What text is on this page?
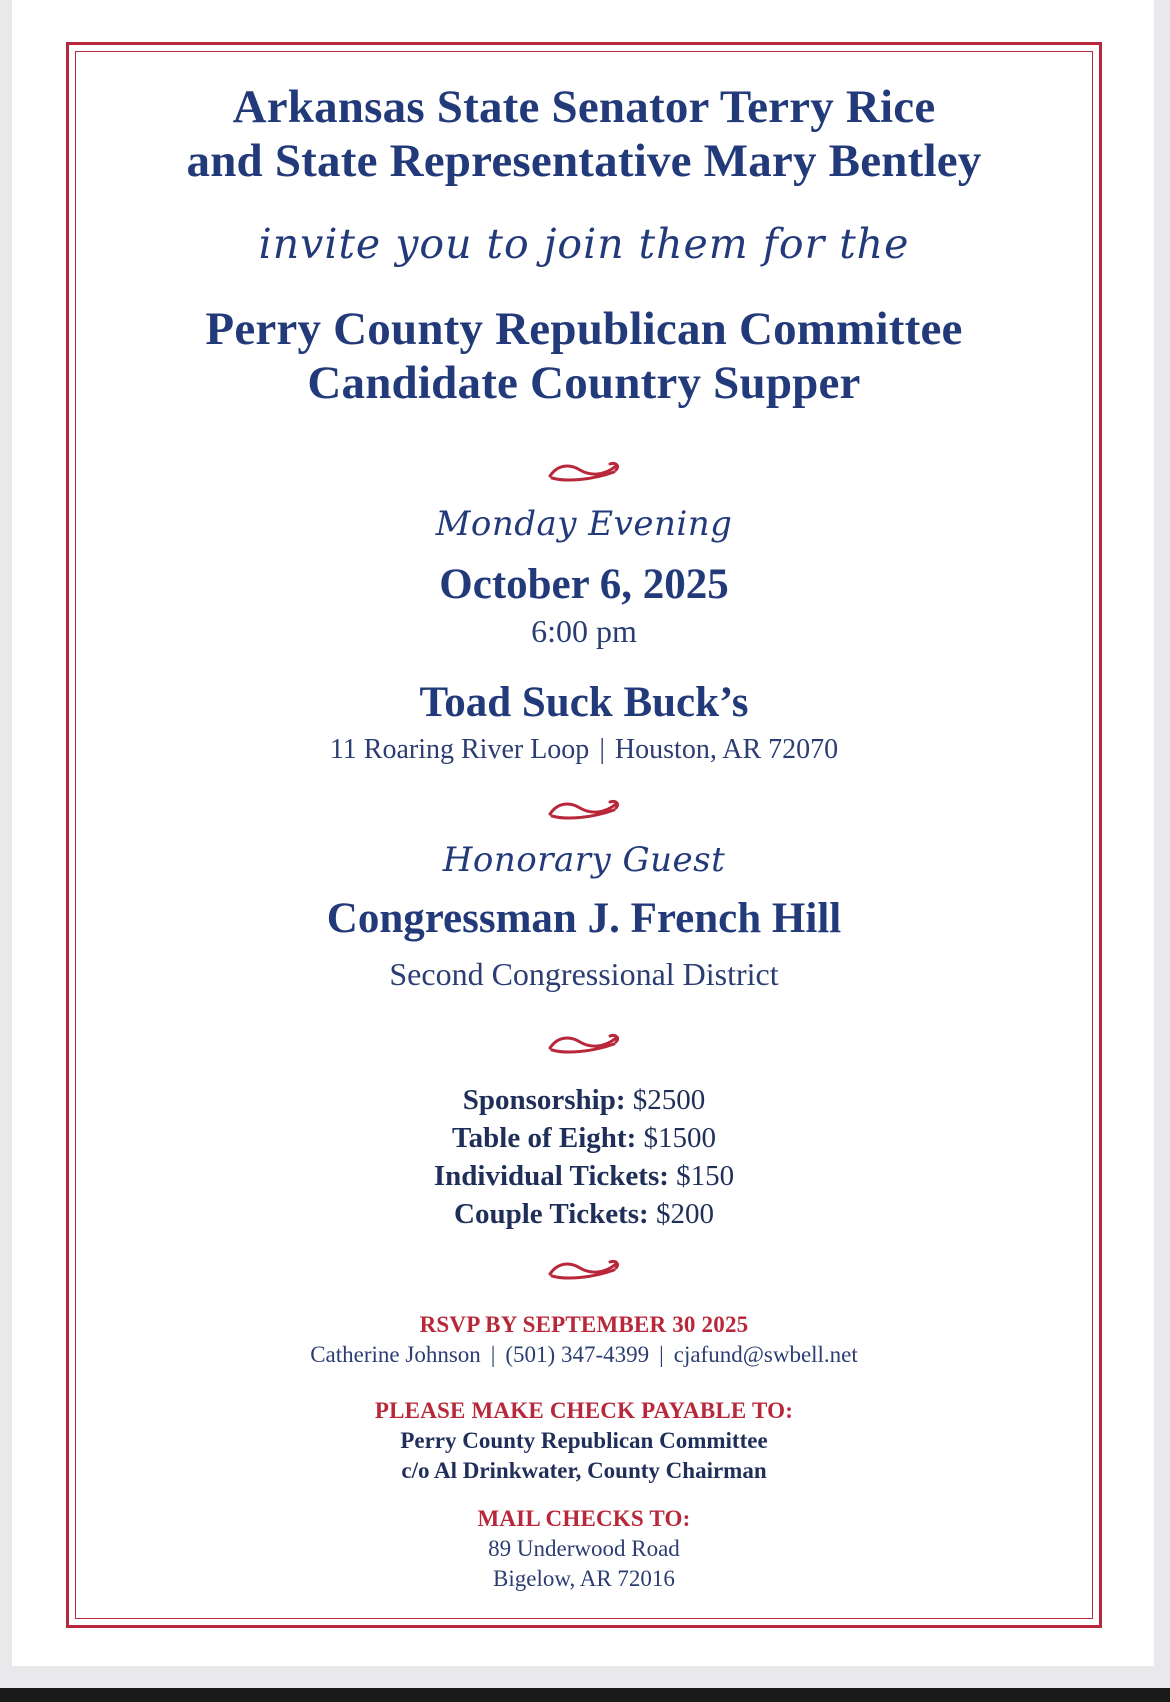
Arkansas State Senator Terry Rice
and State Representative Mary Bentley
invite you to join them for the
Perry County Republican Committee
Candidate Country Supper
Monday Evening
October 6, 2025
6:00 pm
Toad Suck Buck’s
11 Roaring River Loop | Houston, AR 72070
Honorary Guest
Congressman J. French Hill
Second Congressional District
Sponsorship: $2500
Table of Eight: $1500
Individual Tickets: $150
Couple Tickets: $200
RSVP BY SEPTEMBER 30 2025
Catherine Johnson | (501) 347-4399 | cjafund@swbell.net
PLEASE MAKE CHECK PAYABLE TO:
Perry County Republican Committee
c/o Al Drinkwater, County Chairman
MAIL CHECKS TO:
89 Underwood Road
Bigelow, AR 72016
